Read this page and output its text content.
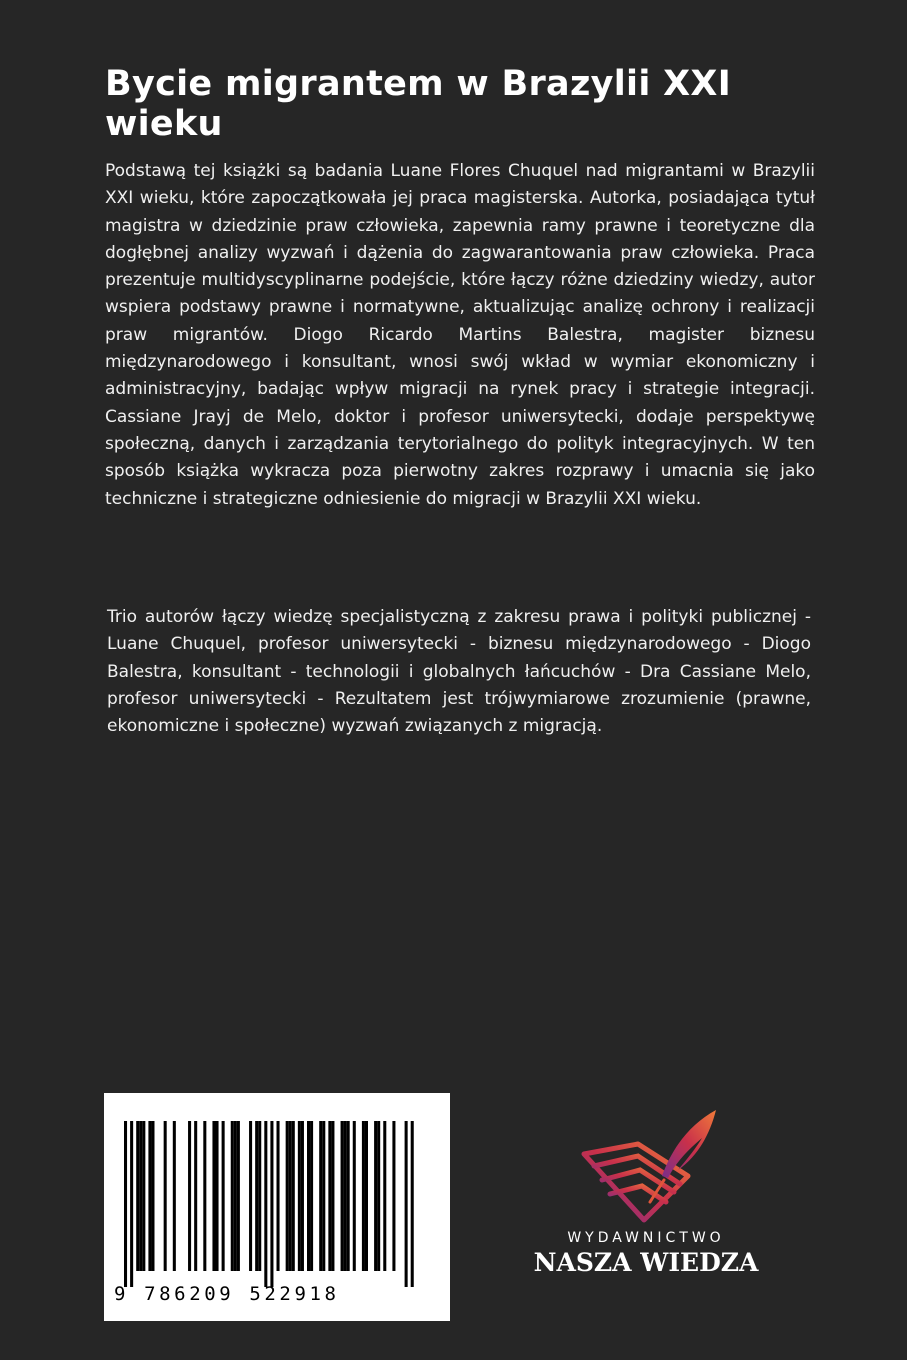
Bycie migrantem w Brazylii XXI wieku

Podstawą tej książki są badania Luane Flores Chuquel nad migrantami w Brazylii XXI wieku, które zapoczątkowała jej praca magisterska. Autorka, posiadająca tytuł magistra w dziedzinie praw człowieka, zapewnia ramy prawne i teoretyczne dla dogłębnej analizy wyzwań i dążenia do zagwarantowania praw człowieka. Praca prezentuje multidyscyplinarne podejście, które łączy różne dziedziny wiedzy, autor wspiera podstawy prawne i normatywne, aktualizując analizę ochrony i realizacji praw migrantów. Diogo Ricardo Martins Balestra, magister biznesu międzynarodowego i konsultant, wnosi swój wkład w wymiar ekonomiczny i administracyjny, badając wpływ migracji na rynek pracy i strategie integracji. Cassiane Jrayj de Melo, doktor i profesor uniwersytecki, dodaje perspektywę społeczną, danych i zarządzania terytorialnego do polityk integracyjnych. W ten sposób książka wykracza poza pierwotny zakres rozprawy i umacnia się jako techniczne i strategiczne odniesienie do migracji w Brazylii XXI wieku.

Trio autorów łączy wiedzę specjalistyczną z zakresu prawa i polityki publicznej - Luane Chuquel, profesor uniwersytecki - biznesu międzynarodowego - Diogo Balestra, konsultant - technologii i globalnych łańcuchów - Dra Cassiane Melo, profesor uniwersytecki - Rezultatem jest trójwymiarowe zrozumienie (prawne, ekonomiczne i społeczne) wyzwań związanych z migracją.

9 786209 522918
WYDAWNICTWO
NASZA WIEDZA
